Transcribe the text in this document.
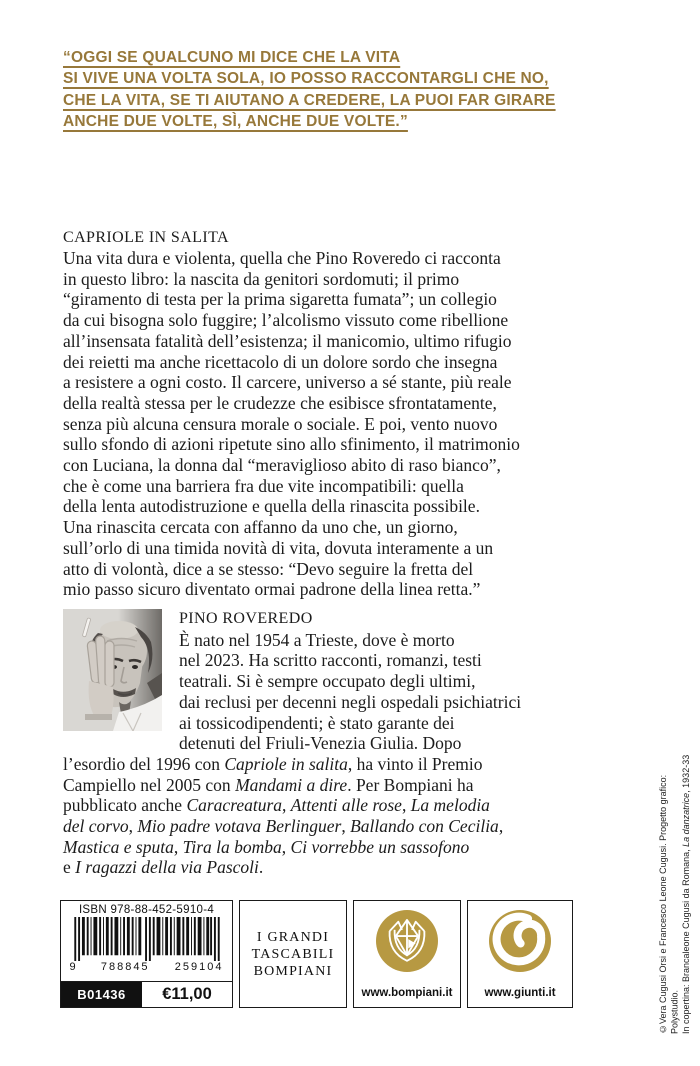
“OGGI SE QUALCUNO MI DICE CHE LA VITA
SI VIVE UNA VOLTA SOLA, IO POSSO RACCONTARGLI CHE NO,
CHE LA VITA, SE TI AIUTANO A CREDERE, LA PUOI FAR GIRARE
ANCHE DUE VOLTE, SÌ, ANCHE DUE VOLTE.”
CAPRIOLE IN SALITA
Una vita dura e violenta, quella che Pino Roveredo ci racconta
in questo libro: la nascita da genitori sordomuti; il primo
“giramento di testa per la prima sigaretta fumata”; un collegio
da cui bisogna solo fuggire; l’alcolismo vissuto come ribellione
all’insensata fatalità dell’esistenza; il manicomio, ultimo rifugio
dei reietti ma anche ricettacolo di un dolore sordo che insegna
a resistere a ogni costo. Il carcere, universo a sé stante, più reale
della realtà stessa per le crudezze che esibisce sfrontatamente,
senza più alcuna censura morale o sociale. E poi, vento nuovo
sullo sfondo di azioni ripetute sino allo sfinimento, il matrimonio
con Luciana, la donna dal “meraviglioso abito di raso bianco”,
che è come una barriera fra due vite incompatibili: quella
della lenta autodistruzione e quella della rinascita possibile.
Una rinascita cercata con affanno da uno che, un giorno,
sull’orlo di una timida novità di vita, dovuta interamente a un
atto di volontà, dice a se stesso: “Devo seguire la fretta del
mio passo sicuro diventato ormai padrone della linea retta.”
PINO ROVEREDO
È nato nel 1954 a Trieste, dove è morto
nel 2023. Ha scritto racconti, romanzi, testi
teatrali. Si è sempre occupato degli ultimi,
dai reclusi per decenni negli ospedali psichiatrici
ai tossicodipendenti; è stato garante dei
detenuti del Friuli-Venezia Giulia. Dopo
l’esordio del 1996 con Capriole in salita, ha vinto il Premio
Campiello nel 2005 con Mandami a dire. Per Bompiani ha
pubblicato anche Caracreatura, Attenti alle rose, La melodia
del corvo, Mio padre votava Berlinguer, Ballando con Cecilia,
Mastica e sputa, Tira la bomba, Ci vorrebbe un sassofono
e I ragazzi della via Pascoli.	©Vera Cugusi Orsi e Francesco Leone Cugusi. Progetto grafico: Polystudio. In copertina: Brancaleone Cugusi da Romana, La danzatrice, 1932-33
ISBN 978-88-452-5910-4
9 788845 259104
B01436	€11,00
I GRANDI
TASCABILI
BOMPIANI
www.bompiani.it	www.giunti.it
